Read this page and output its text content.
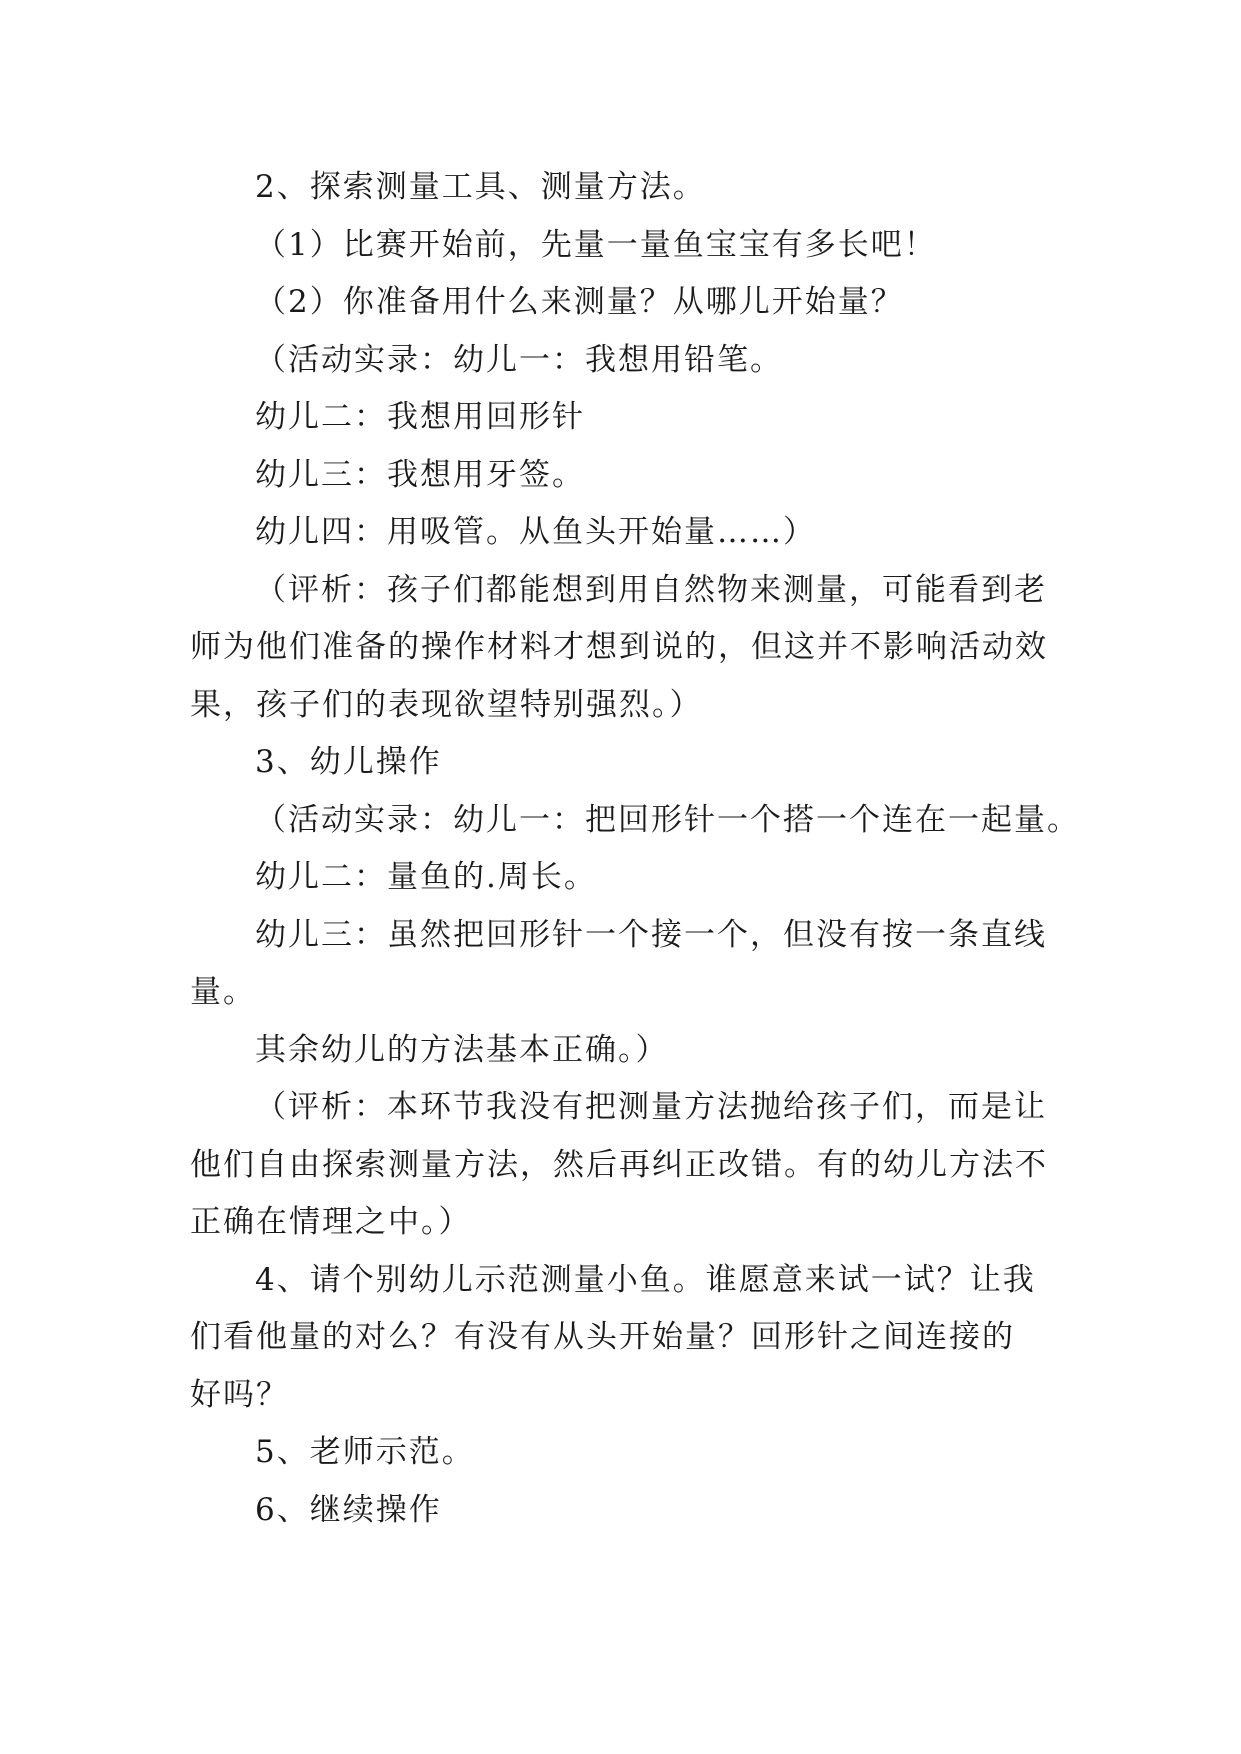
2、探索测量工具、测量方法。

（1）比赛开始前，先量一量鱼宝宝有多长吧！

（2）你准备用什么来测量？从哪儿开始量？

（活动实录：幼儿一：我想用铅笔。

幼儿二：我想用回形针

幼儿三：我想用牙签。

幼儿四：用吸管。从鱼头开始量……）

（评析：孩子们都能想到用自然物来测量，可能看到老

师为他们准备的操作材料才想到说的，但这并不影响活动效

果，孩子们的表现欲望特别强烈。）

3、幼儿操作

（活动实录：幼儿一：把回形针一个搭一个连在一起量。

幼儿二：量鱼的.周长。

幼儿三：虽然把回形针一个接一个，但没有按一条直线

量。

其余幼儿的方法基本正确。）

（评析：本环节我没有把测量方法抛给孩子们，而是让

他们自由探索测量方法，然后再纠正改错。有的幼儿方法不

正确在情理之中。）

4、请个别幼儿示范测量小鱼。谁愿意来试一试？让我

们看他量的对么？有没有从头开始量？回形针之间连接的

好吗？

5、老师示范。

6、继续操作
